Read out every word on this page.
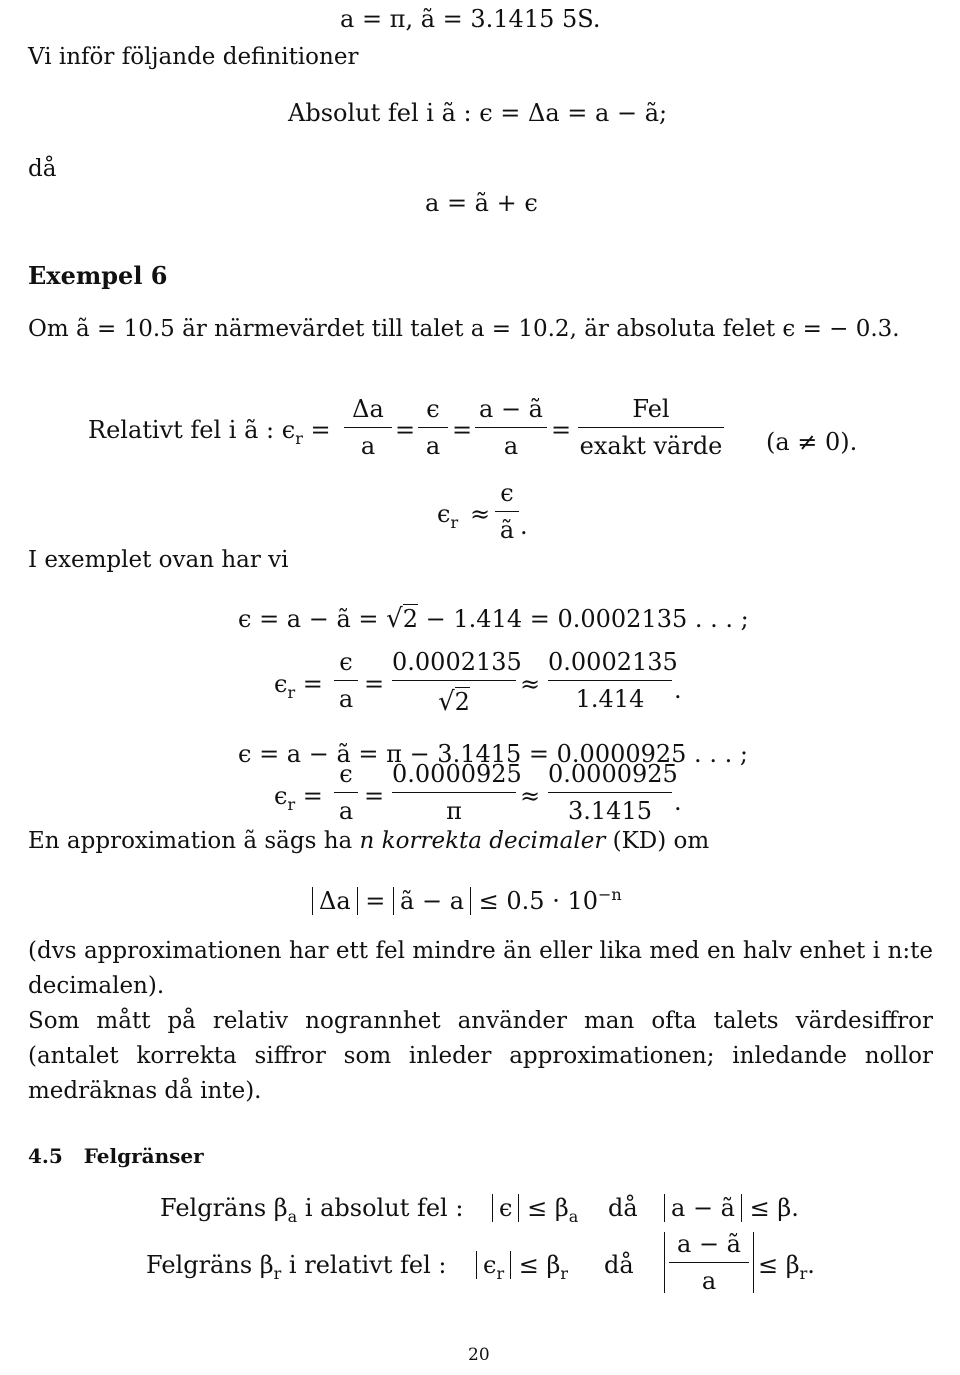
a = π, ã = 3.1415 5S.
Vi inför följande definitioner
Absolut fel i ã : ϵ = Δa = a − ã;
då
a = ã + ϵ
Exempel 6
Om ã = 10.5 är närmevärdet till talet a = 10.2, är absoluta felet ϵ = − 0.3.
Relativt fel i ã : $\epsilon_r$ =
Δa
a
=
ϵ
a
=
a − ã
a
=
Fel
exakt värde (a ≠ 0).
$\epsilon_r$ ≈
ϵ
ã .
I exemplet ovan har vi
ϵ = a − ã = √2 − 1.414 = 0.0002135 . . . ;
$\epsilon_r$ =
ϵ
a
=
0.0002135
√2
≈
0.0002135
1.414	.
ϵ = a − ã = π − 3.1415 = 0.0000925 . . . ;
$\epsilon_r$ =
ϵ
a
=
0.0000925
π
≈
0.0000925
3.1415 .
En approximation ã sägs ha n korrekta decimaler (KD) om
Δa = ã − $a \le 0.5 \cdot 10^{-n}$
(dvs approximationen har ett fel mindre än eller lika med en halv enhet i n:te decimalen).
Som mått på relativ nogrannhet använder man ofta talets värdesiffror (antalet korrekta siffror som inleder approximationen; inledande nollor medräknas då inte).
4.5 Felgränser
Felgräns $\beta_a$ i absolut fel : $\epsilon \le \beta_a$ då a − ã ≤ β.
Felgräns $\beta_r$ i relativt fel : $\epsilon_r \le \beta_r$ då
a − ã
a
≤ $\beta_r$.
20
